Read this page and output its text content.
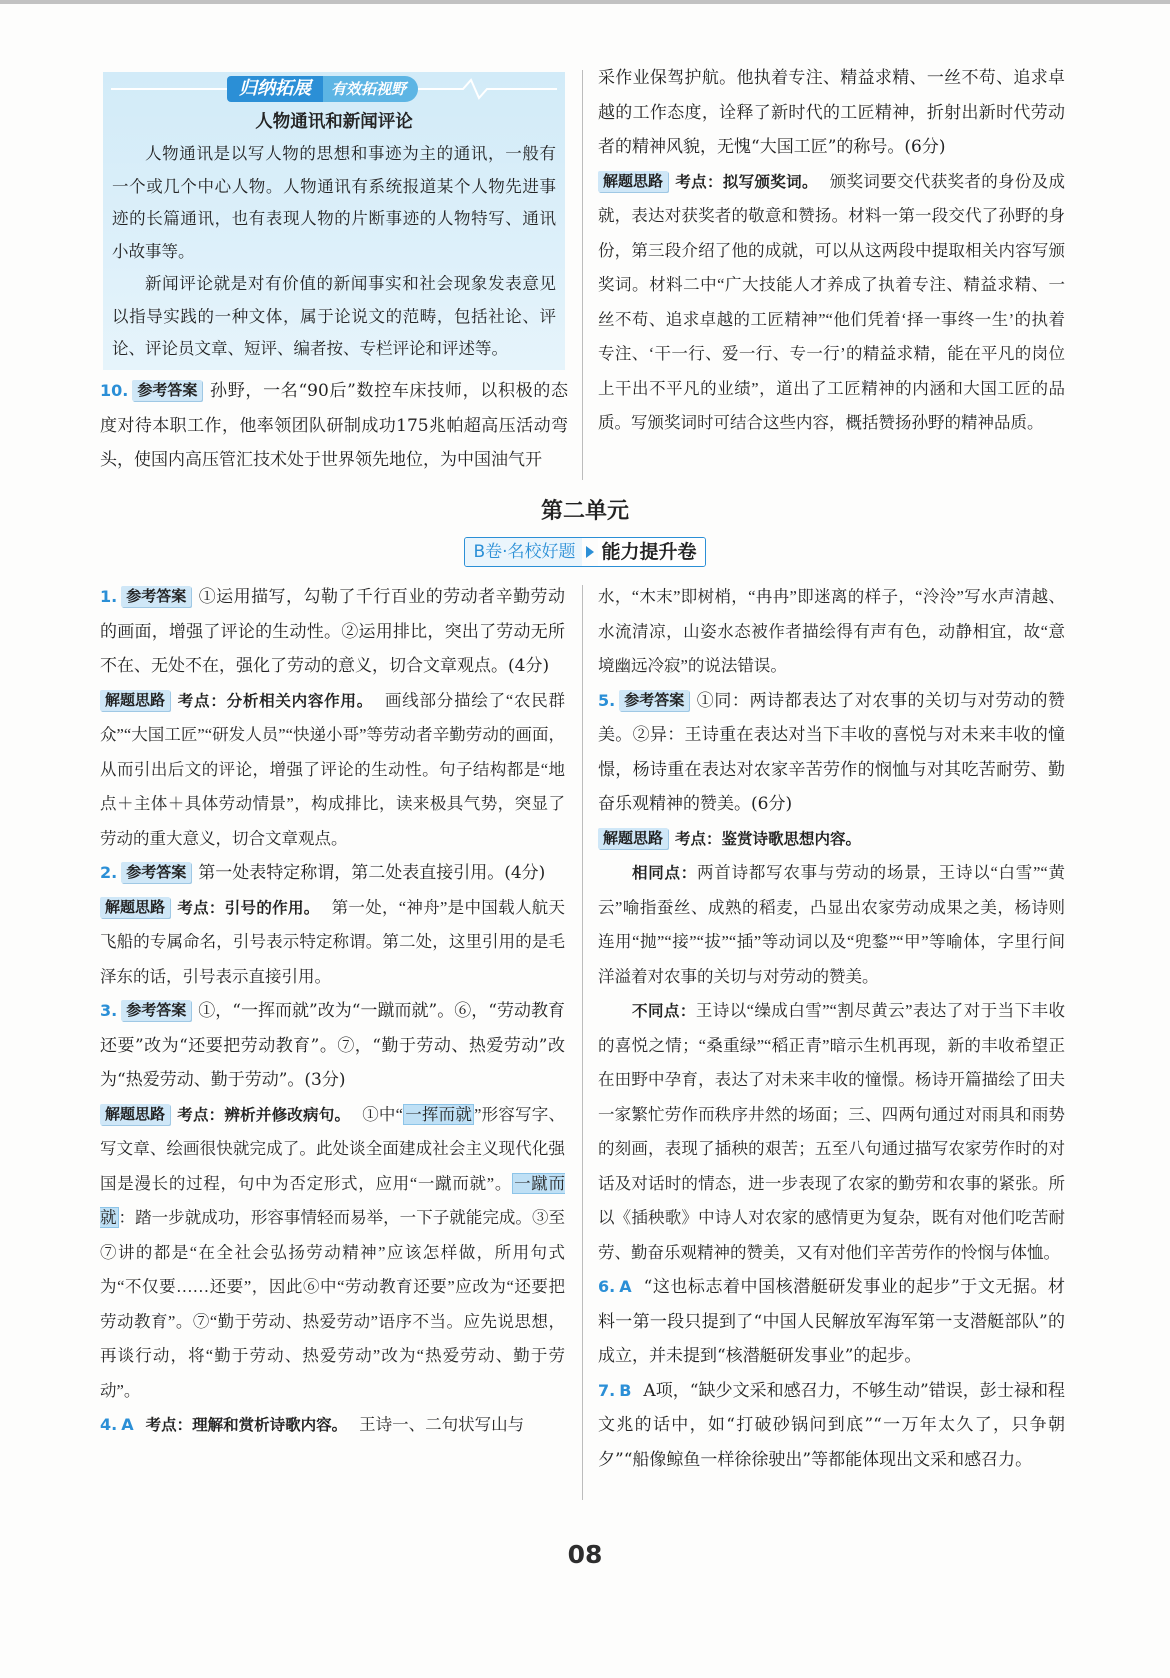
归纳拓展	有效拓视野
人物通讯和新闻评论

人物通讯是以写人物的思想和事迹为主的通讯，一般有一个或几个中心人物。人物通讯有系统报道某个人物先进事迹的长篇通讯，也有表现人物的片断事迹的人物特写、通讯小故事等。

新闻评论就是对有价值的新闻事实和社会现象发表意见以指导实践的一种文体，属于论说文的范畴，包括社论、评论、评论员文章、短评、编者按、专栏评论和评述等。

10. 参考答案 孙野，一名“90后”数控车床技师，以积极的态度对待本职工作，他率领团队研制成功175兆帕超高压活动弯头，使国内高压管汇技术处于世界领先地位，为中国油气开

采作业保驾护航。他执着专注、精益求精、一丝不苟、追求卓越的工作态度，诠释了新时代的工匠精神，折射出新时代劳动者的精神风貌，无愧“大国工匠”的称号。(6分)

解题思路 考点：拟写颁奖词。 颁奖词要交代获奖者的身份及成就，表达对获奖者的敬意和赞扬。材料一第一段交代了孙野的身份，第三段介绍了他的成就，可以从这两段中提取相关内容写颁奖词。材料二中“广大技能人才养成了执着专注、精益求精、一丝不苟、追求卓越的工匠精神”“他们凭着‘择一事终一生’的执着专注、‘干一行、爱一行、专一行’的精益求精，能在平凡的岗位上干出不平凡的业绩”，道出了工匠精神的内涵和大国工匠的品质。写颁奖词时可结合这些内容，概括赞扬孙野的精神品质。

第二单元
B卷·名校好题	能力提升卷

1. 参考答案 ①运用描写，勾勒了千行百业的劳动者辛勤劳动的画面，增强了评论的生动性。②运用排比，突出了劳动无所不在、无处不在，强化了劳动的意义，切合文章观点。(4分)

解题思路 考点：分析相关内容作用。 画线部分描绘了“农民群众”“大国工匠”“研发人员”“快递小哥”等劳动者辛勤劳动的画面，从而引出后文的评论，增强了评论的生动性。句子结构都是“地点＋主体＋具体劳动情景”，构成排比，读来极具气势，突显了劳动的重大意义，切合文章观点。

2. 参考答案 第一处表特定称谓，第二处表直接引用。(4分)

解题思路 考点：引号的作用。 第一处，“神舟”是中国载人航天飞船的专属命名，引号表示特定称谓。第二处，这里引用的是毛泽东的话，引号表示直接引用。

3. 参考答案 ①，“一挥而就”改为“一蹴而就”。⑥，“劳动教育还要”改为“还要把劳动教育”。⑦，“勤于劳动、热爱劳动”改为“热爱劳动、勤于劳动”。(3分)

解题思路 考点：辨析并修改病句。 ①中“ 一挥而就 ”形容写字、写文章、绘画很快就完成了。此处谈全面建成社会主义现代化强国是漫长的过程，句中为否定形式，应用“一蹴而就”。 一蹴而就 ：踏一步就成功，形容事情轻而易举，一下子就能完成。③至⑦讲的都是“在全社会弘扬劳动精神”应该怎样做，所用句式为“不仅要……还要”，因此⑥中“劳动教育还要”应改为“还要把劳动教育”。⑦“勤于劳动、热爱劳动”语序不当。应先说思想，再谈行动，将“勤于劳动、热爱劳动”改为“热爱劳动、勤于劳动”。

4. A 考点：理解和赏析诗歌内容。 王诗一、二句状写山与

水，“木末”即树梢，“冉冉”即迷离的样子，“泠泠”写水声清越、水流清凉，山姿水态被作者描绘得有声有色，动静相宜，故“意境幽远冷寂”的说法错误。

5. 参考答案 ①同：两诗都表达了对农事的关切与对劳动的赞美。②异：王诗重在表达对当下丰收的喜悦与对未来丰收的憧憬，杨诗重在表达对农家辛苦劳作的悯恤与对其吃苦耐劳、勤奋乐观精神的赞美。(6分)

解题思路 考点：鉴赏诗歌思想内容。

相同点：两首诗都写农事与劳动的场景，王诗以“白雪”“黄云”喻指蚕丝、成熟的稻麦，凸显出农家劳动成果之美，杨诗则连用“抛”“接”“拔”“插”等动词以及“兜鍪”“甲”等喻体，字里行间洋溢着对农事的关切与对劳动的赞美。

不同点：王诗以“缲成白雪”“割尽黄云”表达了对于当下丰收的喜悦之情；“桑重绿”“稻正青”暗示生机再现，新的丰收希望正在田野中孕育，表达了对未来丰收的憧憬。杨诗开篇描绘了田夫一家繁忙劳作而秩序井然的场面；三、四两句通过对雨具和雨势的刻画，表现了插秧的艰苦；五至八句通过描写农家劳作时的对话及对话时的情态，进一步表现了农家的勤劳和农事的紧张。所以《插秧歌》中诗人对农家的感情更为复杂，既有对他们吃苦耐劳、勤奋乐观精神的赞美，又有对他们辛苦劳作的怜悯与体恤。

6. A “这也标志着中国核潜艇研发事业的起步”于文无据。材料一第一段只提到了“中国人民解放军海军第一支潜艇部队”的成立，并未提到“核潜艇研发事业”的起步。

7. B A项，“缺少文采和感召力，不够生动”错误，彭士禄和程文兆的话中，如“打破砂锅问到底”“一万年太久了，只争朝夕”“船像鲸鱼一样徐徐驶出”等都能体现出文采和感召力。

08
